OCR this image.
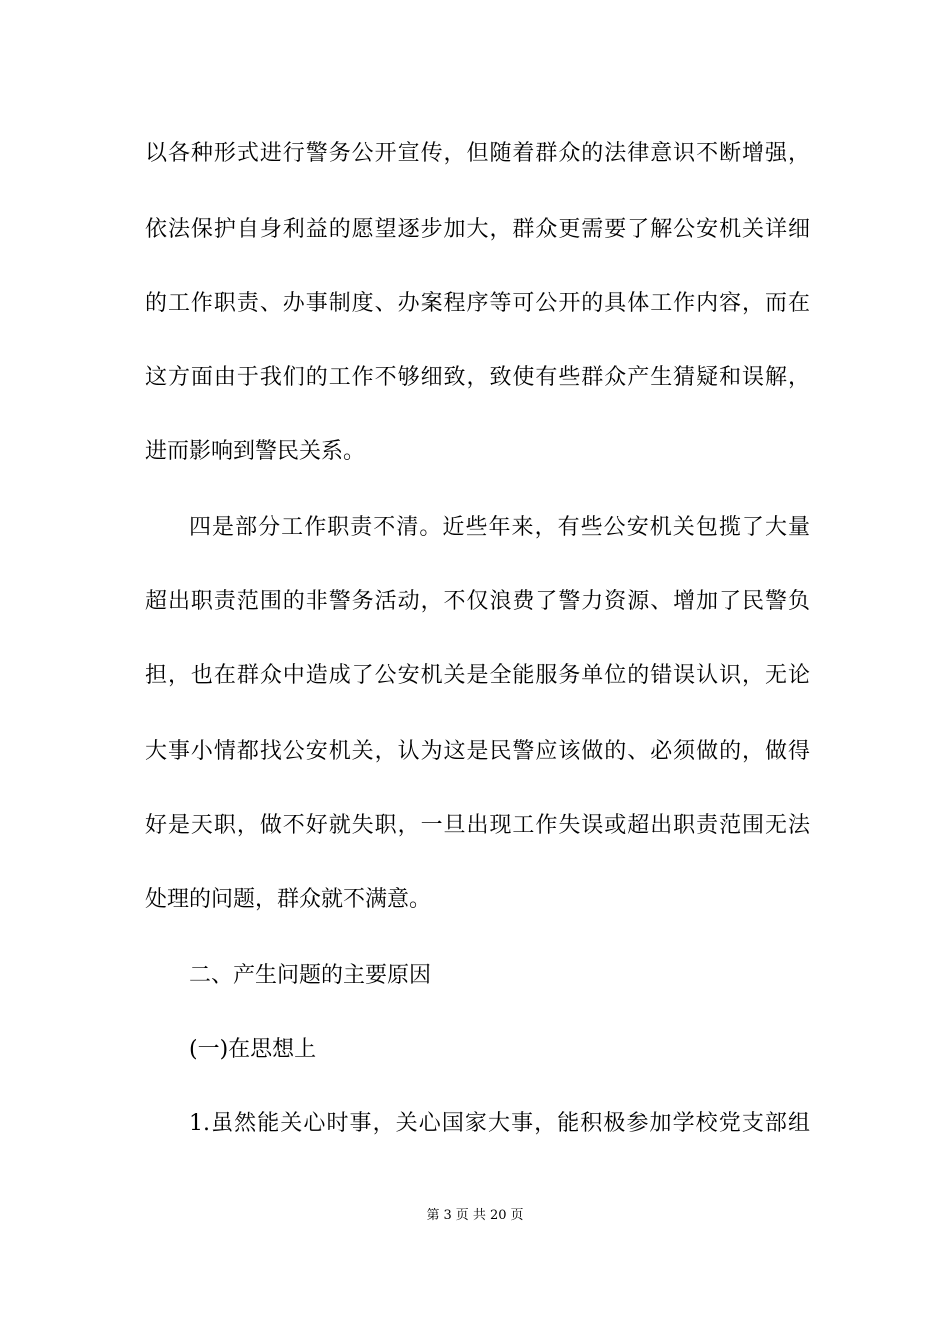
以各种形式进行警务公开宣传，但随着群众的法律意识不断增强，
依法保护自身利益的愿望逐步加大，群众更需要了解公安机关详细
的工作职责、办事制度、办案程序等可公开的具体工作内容，而在
这方面由于我们的工作不够细致，致使有些群众产生猜疑和误解，
进而影响到警民关系。
四是部分工作职责不清。近些年来，有些公安机关包揽了大量
超出职责范围的非警务活动，不仅浪费了警力资源、增加了民警负
担，也在群众中造成了公安机关是全能服务单位的错误认识，无论
大事小情都找公安机关，认为这是民警应该做的、必须做的，做得
好是天职，做不好就失职，一旦出现工作失误或超出职责范围无法
处理的问题，群众就不满意。
二、产生问题的主要原因
(一)在思想上
1.虽然能关心时事，关心国家大事，能积极参加学校党支部组
第 3 页 共 20 页
